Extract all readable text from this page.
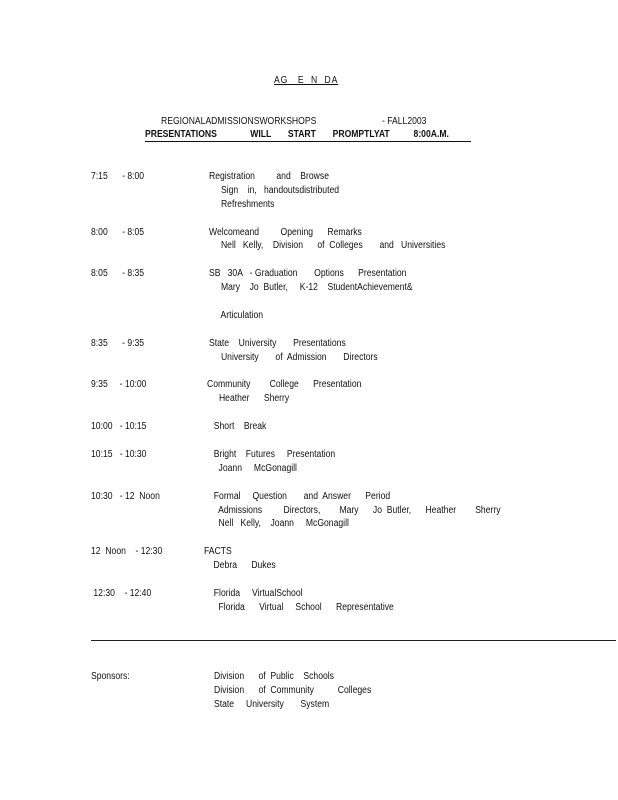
AG   E  N  DA
REGIONALADMISSIONSWORKSHOPS	- FALL2003
PRESENTATIONS              WILL       START       PROMPTLYAT          8:00A.M.
7:15      - 8:00	Registration         and    Browse
Sign    in,   handoutsdistributed
Refreshments
8:00      - 8:05	Welcomeand         Opening      Remarks
Nell   Kelly,    Division      of  Colleges       and   Universities
8:05      - 8:35	SB   30A   - Graduation       Options      Presentation
Mary    Jo  Butler,     K-12    StudentAchievement&
Articulation
8:35      - 9:35	State    University       Presentations
University       of  Admission       Directors
9:35     - 10:00	Community        College      Presentation
Heather      Sherry
10:00   - 10:15	Short    Break
10:15   - 10:30	Bright    Futures     Presentation
Joann     McGonagill
10:30   - 12  Noon	Formal     Question       and  Answer      Period
Admissions         Directors,        Mary      Jo  Butler,      Heather        Sherry
Nell   Kelly,    Joann     McGonagill
12  Noon    - 12:30	FACTS
Debra      Dukes
12:30    - 12:40	Florida     VirtualSchool
Florida      Virtual     School      Representative
Sponsors:	Division      of  Public    Schools
Division      of  Community          Colleges
State     University       System
